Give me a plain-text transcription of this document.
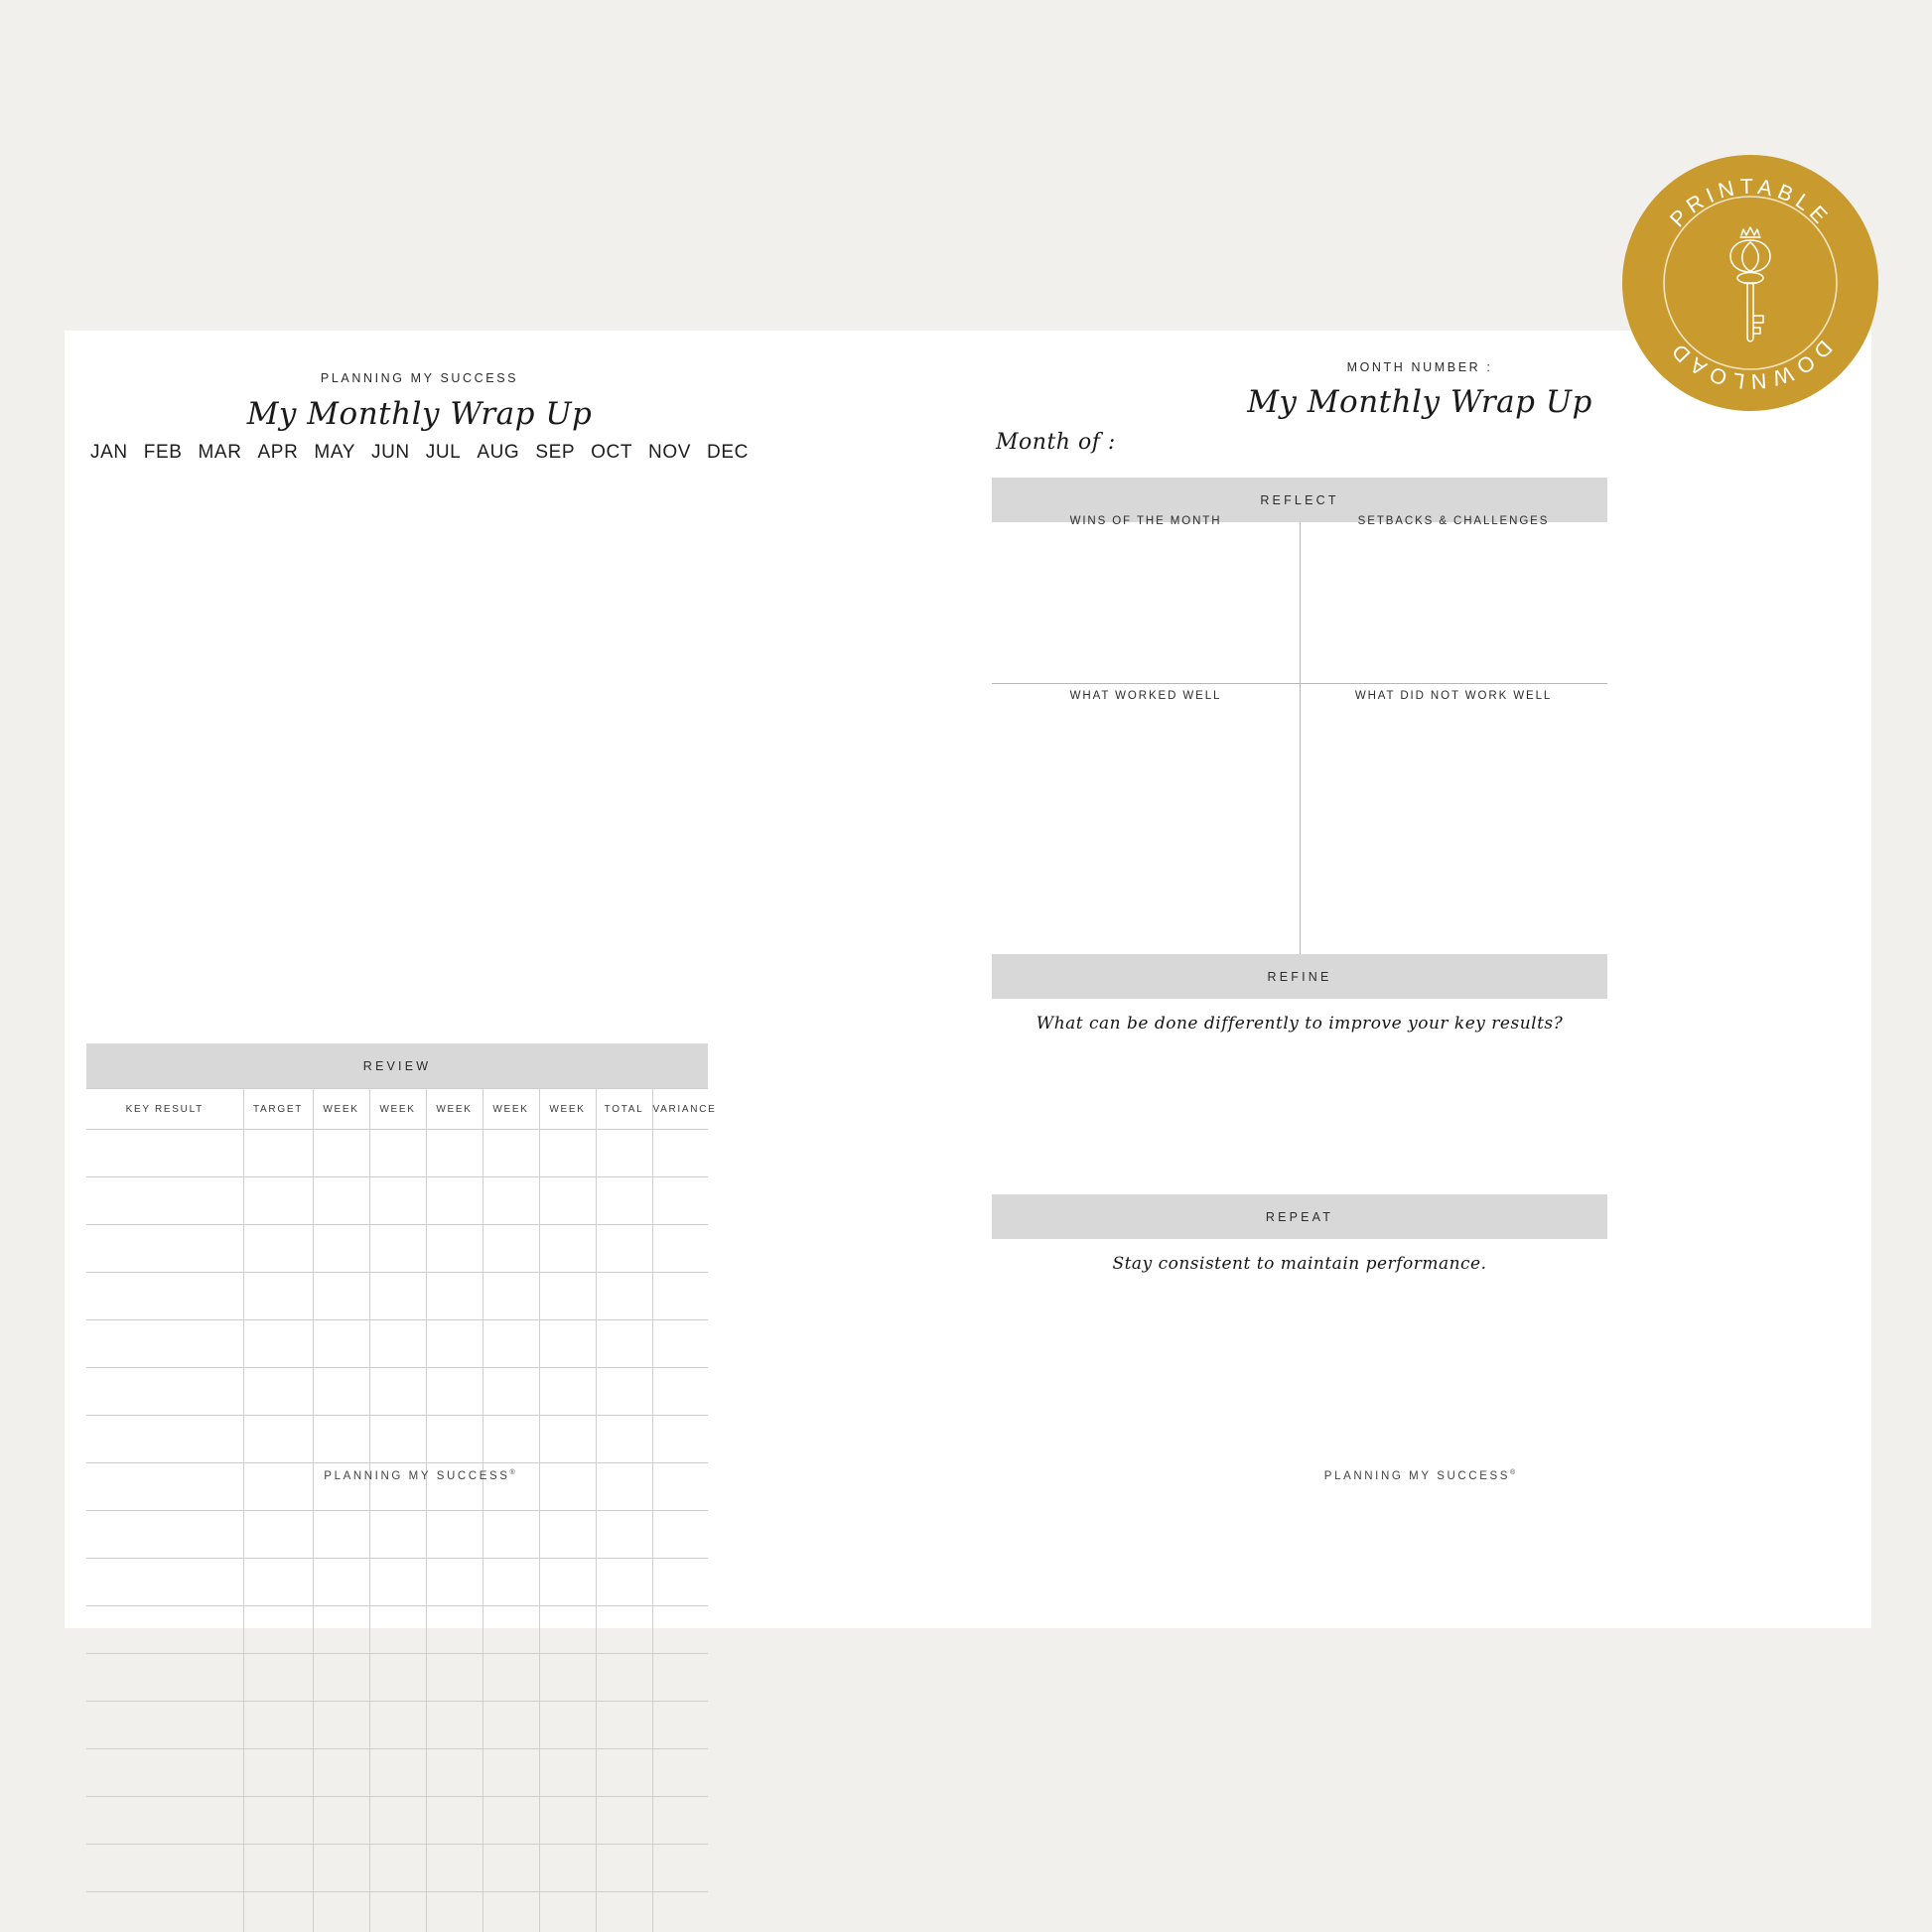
PLANNING MY SUCCESS
My Monthly Wrap Up
JAN FEB MAR APR MAY JUN JUL AUG SEP OCT NOV DEC
REVIEW
KEY RESULT	TARGET	WEEK	WEEK	WEEK	WEEK	WEEK	TOTAL	VARIANCE

PLANNING MY SUCCESS®
MONTH NUMBER :
My Monthly Wrap Up
Month of :
REFLECT
WINS OF THE MONTH	SETBACKS & CHALLENGES
WHAT WORKED WELL	WHAT DID NOT WORK WELL
REFINE
What can be done differently to improve your key results?
REPEAT
Stay consistent to maintain performance.
PLANNING MY SUCCESS®
PRINTABLE
DOWNLOAD
